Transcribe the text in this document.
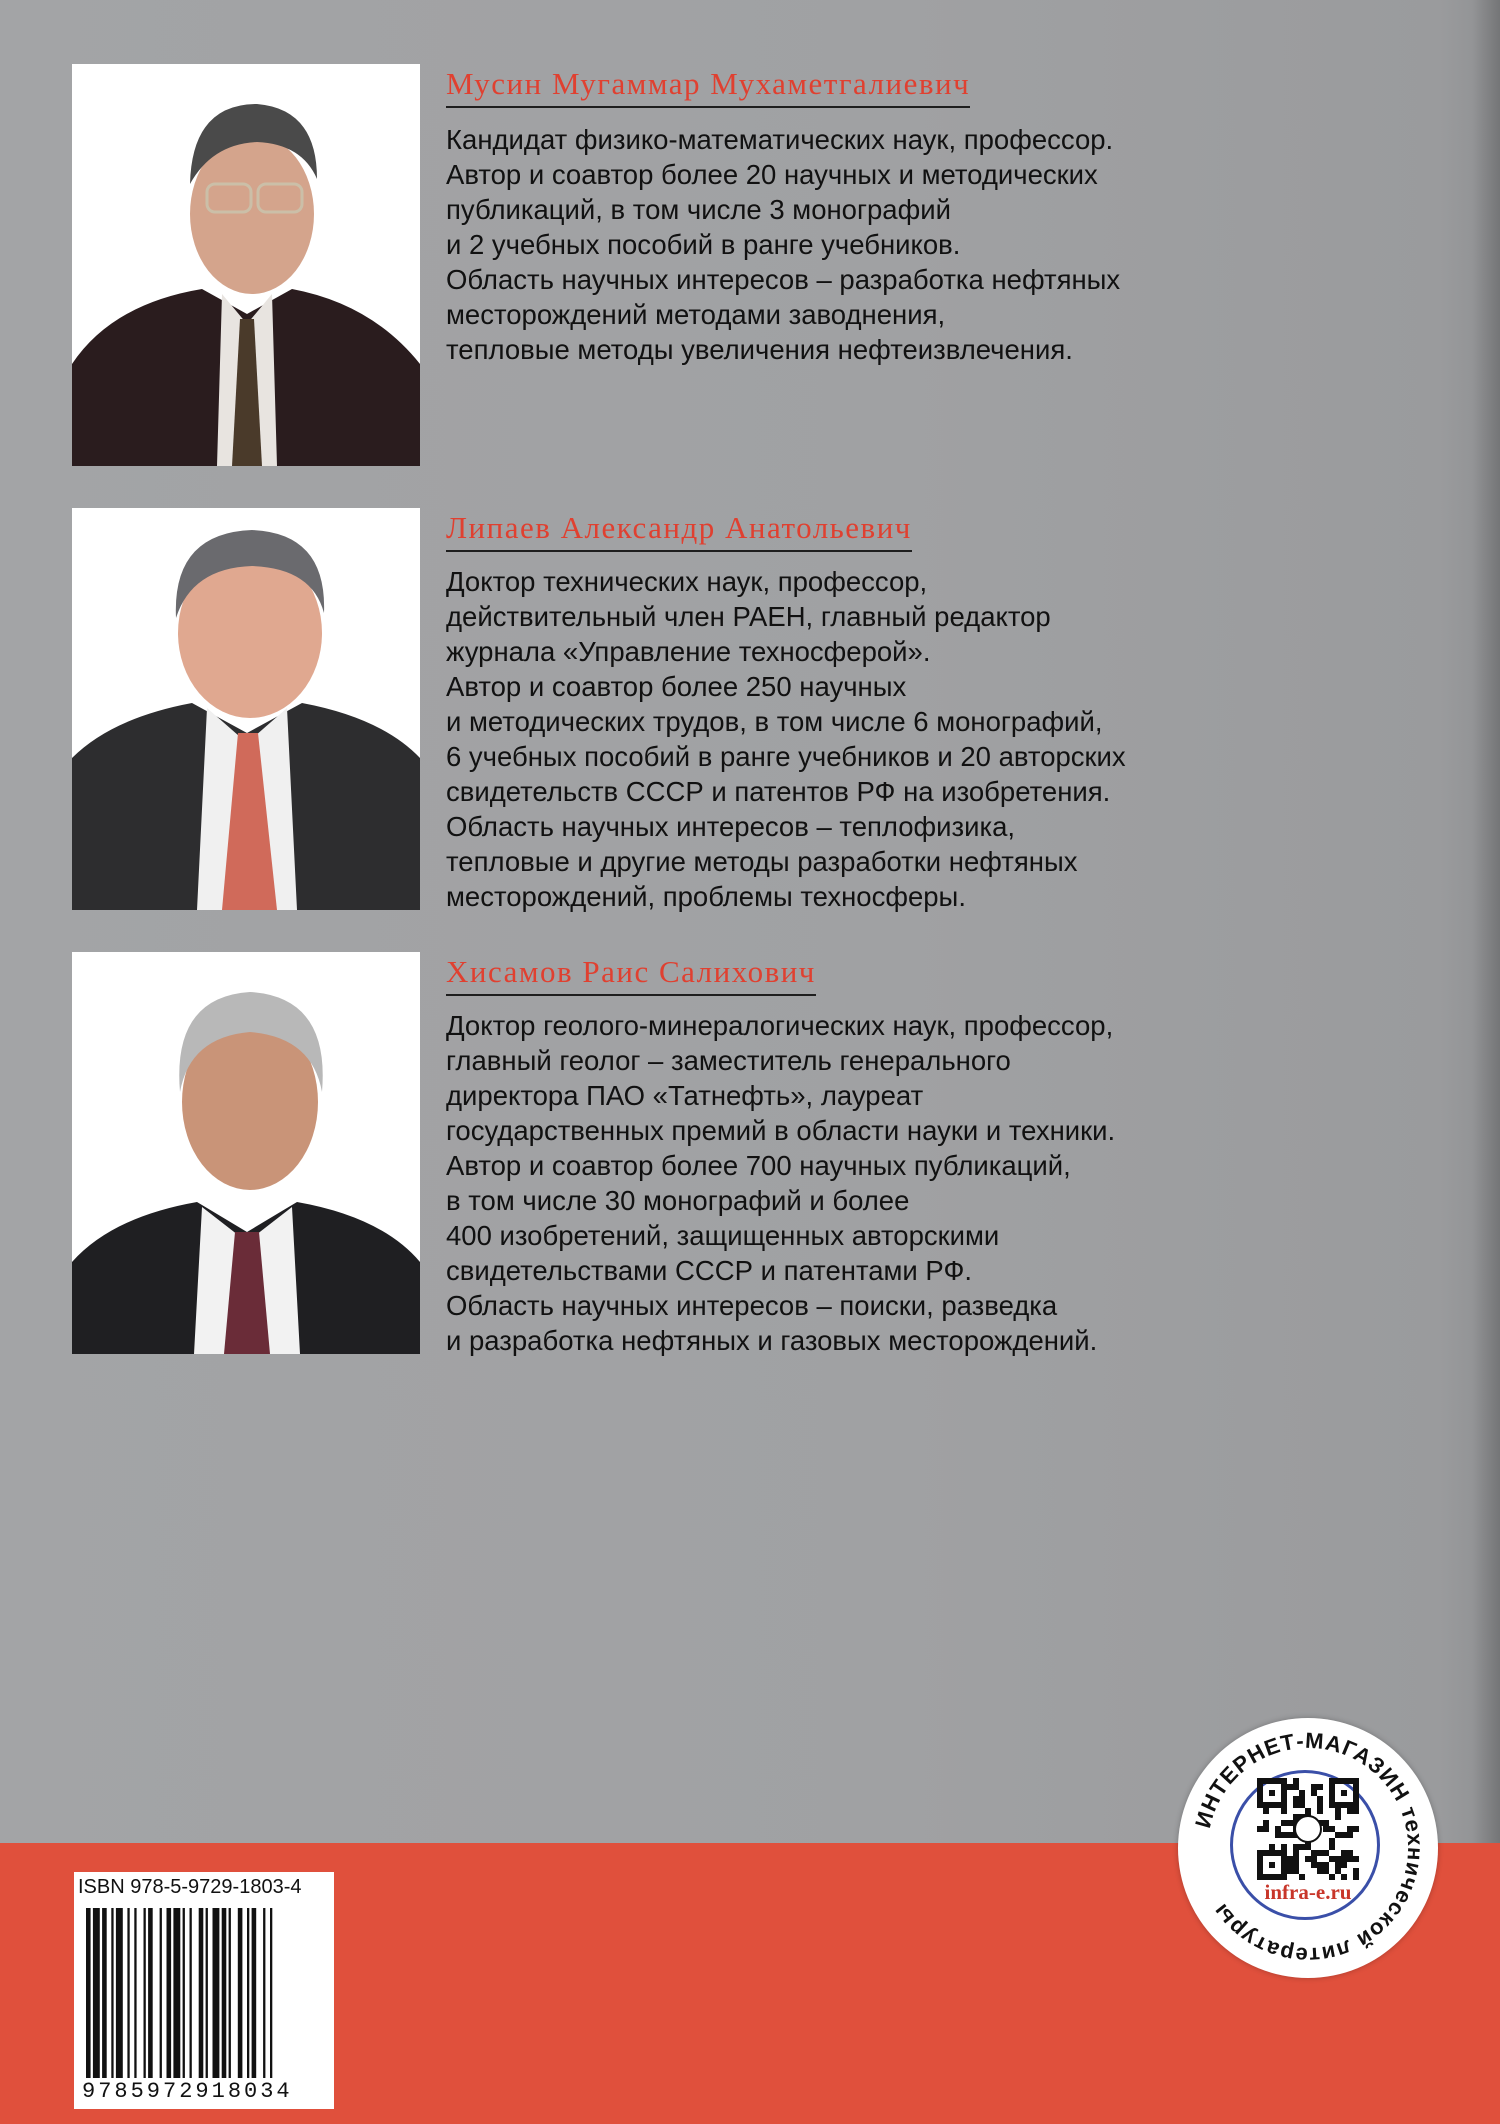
Мусин Мугаммар Мухаметгалиевич
Кандидат физико-математических наук, профессор.
Автор и соавтор более 20 научных и методических
публикаций, в том числе 3 монографий
и 2 учебных пособий в ранге учебников.
Область научных интересов – разработка нефтяных
месторождений методами заводнения,
тепловые методы увеличения нефтеизвлечения.
Липаев Александр Анатольевич
Доктор технических наук, профессор,
действительный член РАЕН, главный редактор
журнала «Управление техносферой».
Автор и соавтор более 250 научных
и методических трудов, в том числе 6 монографий,
6 учебных пособий в ранге учебников и 20 авторских
свидетельств СССР и патентов РФ на изобретения.
Область научных интересов – теплофизика,
тепловые и другие методы разработки нефтяных
месторождений, проблемы техносферы.
Хисамов Раис Салихович
Доктор геолого-минералогических наук, профессор,
главный геолог – заместитель генерального
директора ПАО «Татнефть», лауреат
государственных премий в области науки и техники.
Автор и соавтор более 700 научных публикаций,
в том числе 30 монографий и более
400 изобретений, защищенных авторскими
свидетельствами СССР и патентами РФ.
Область научных интересов – поиски, разведка
и разработка нефтяных и газовых месторождений.
ISBN 978-5-9729-1803-4
9785972918034
ИНТЕРНЕТ-МАГАЗИН технической литературы
infra-e.ru
